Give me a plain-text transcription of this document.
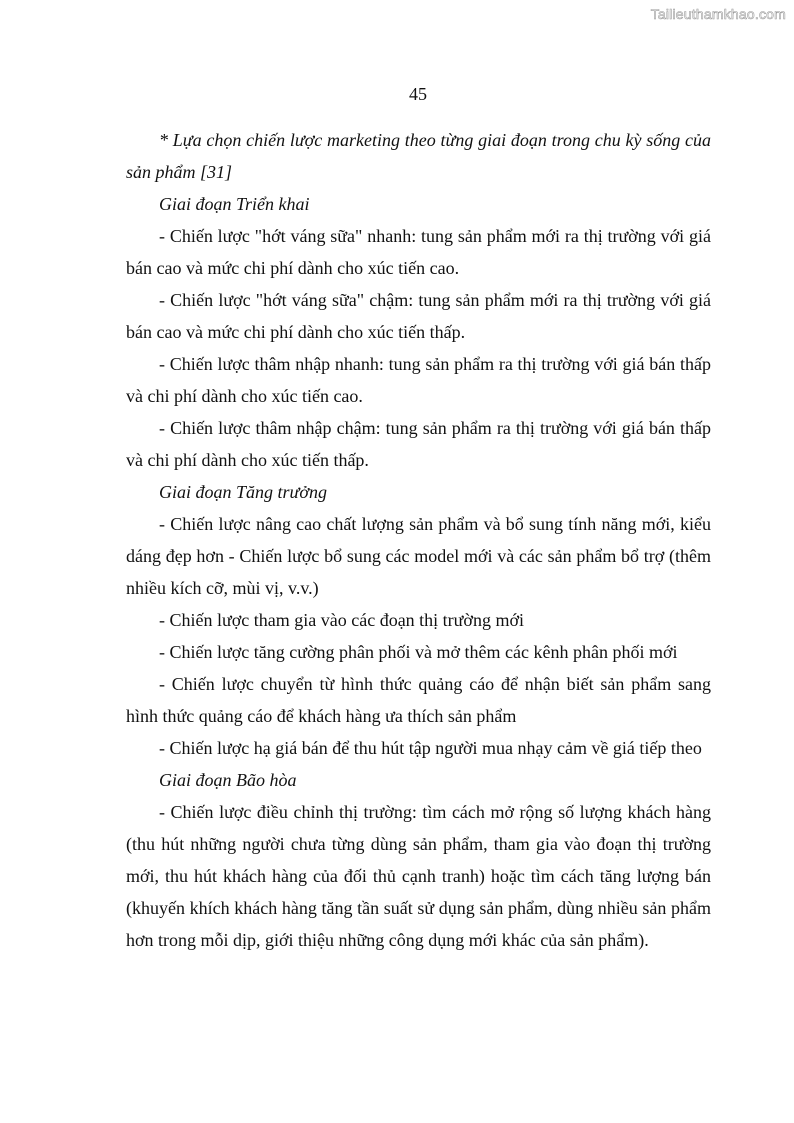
Tailieuthamkhao.com
45

* Lựa chọn chiến lược marketing theo từng giai đoạn trong chu kỳ sống của sản phẩm [31]

Giai đoạn Triển khai

- Chiến lược "hớt váng sữa" nhanh: tung sản phẩm mới ra thị trường với giá bán cao và mức chi phí dành cho xúc tiến cao.

- Chiến lược "hớt váng sữa" chậm: tung sản phẩm mới ra thị trường với giá bán cao và mức chi phí dành cho xúc tiến thấp.

- Chiến lược thâm nhập nhanh: tung sản phẩm ra thị trường với giá bán thấp và chi phí dành cho xúc tiến cao.

- Chiến lược thâm nhập chậm: tung sản phẩm ra thị trường với giá bán thấp và chi phí dành cho xúc tiến thấp.

Giai đoạn Tăng trưởng

- Chiến lược nâng cao chất lượng sản phẩm và bổ sung tính năng mới, kiểu dáng đẹp hơn - Chiến lược bổ sung các model mới và các sản phẩm bổ trợ (thêm nhiều kích cỡ, mùi vị, v.v.)

- Chiến lược tham gia vào các đoạn thị trường mới

- Chiến lược tăng cường phân phối và mở thêm các kênh phân phối mới

- Chiến lược chuyển từ hình thức quảng cáo để nhận biết sản phẩm sang hình thức quảng cáo để khách hàng ưa thích sản phẩm

- Chiến lược hạ giá bán để thu hút tập người mua nhạy cảm về giá tiếp theo

Giai đoạn Bão hòa

- Chiến lược điều chỉnh thị trường: tìm cách mở rộng số lượng khách hàng (thu hút những người chưa từng dùng sản phẩm, tham gia vào đoạn thị trường mới, thu hút khách hàng của đối thủ cạnh tranh) hoặc tìm cách tăng lượng bán (khuyến khích khách hàng tăng tần suất sử dụng sản phẩm, dùng nhiều sản phẩm hơn trong mỗi dịp, giới thiệu những công dụng mới khác của sản phẩm).
